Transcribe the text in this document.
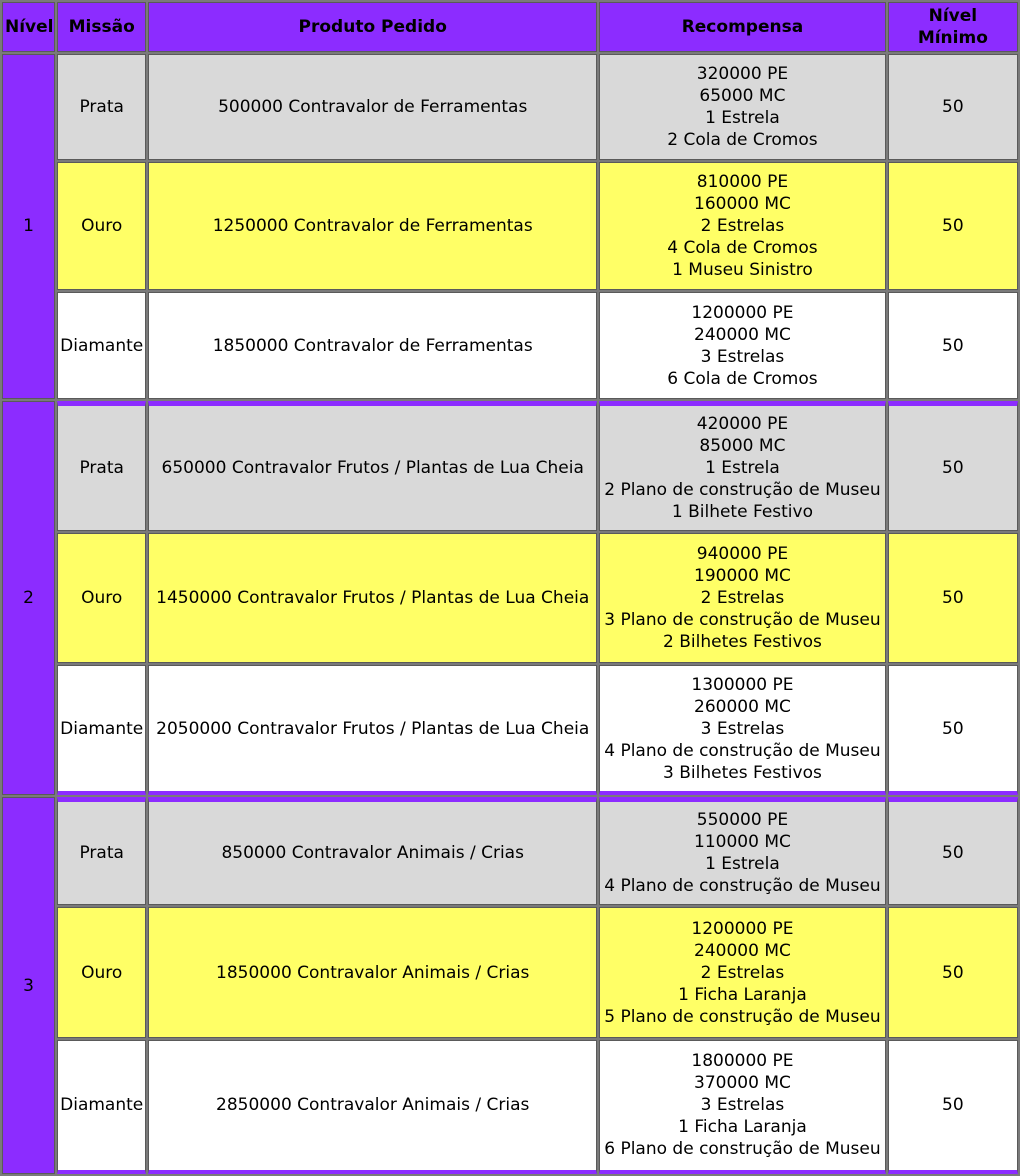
Nível	Missão	Produto Pedido	Recompensa	Nível Mínimo
1	Prata	500000 Contravalor de Ferramentas	320000 PE
65000 MC
1 Estrela
2 Cola de Cromos	50
	Ouro	1250000 Contravalor de Ferramentas	810000 PE
160000 MC
2 Estrelas
4 Cola de Cromos
1 Museu Sinistro	50
	Diamante	1850000 Contravalor de Ferramentas	1200000 PE
240000 MC
3 Estrelas
6 Cola de Cromos	50
2	Prata	650000 Contravalor Frutos / Plantas de Lua Cheia	420000 PE
85000 MC
1 Estrela
2 Plano de construção de Museu
1 Bilhete Festivo	50
	Ouro	1450000 Contravalor Frutos / Plantas de Lua Cheia	940000 PE
190000 MC
2 Estrelas
3 Plano de construção de Museu
2 Bilhetes Festivos	50
	Diamante	2050000 Contravalor Frutos / Plantas de Lua Cheia	1300000 PE
260000 MC
3 Estrelas
4 Plano de construção de Museu
3 Bilhetes Festivos	50
3	Prata	850000 Contravalor Animais / Crias	550000 PE
110000 MC
1 Estrela
4 Plano de construção de Museu	50
	Ouro	1850000 Contravalor Animais / Crias	1200000 PE
240000 MC
2 Estrelas
1 Ficha Laranja
5 Plano de construção de Museu	50
	Diamante	2850000 Contravalor Animais / Crias	1800000 PE
370000 MC
3 Estrelas
1 Ficha Laranja
6 Plano de construção de Museu	50
